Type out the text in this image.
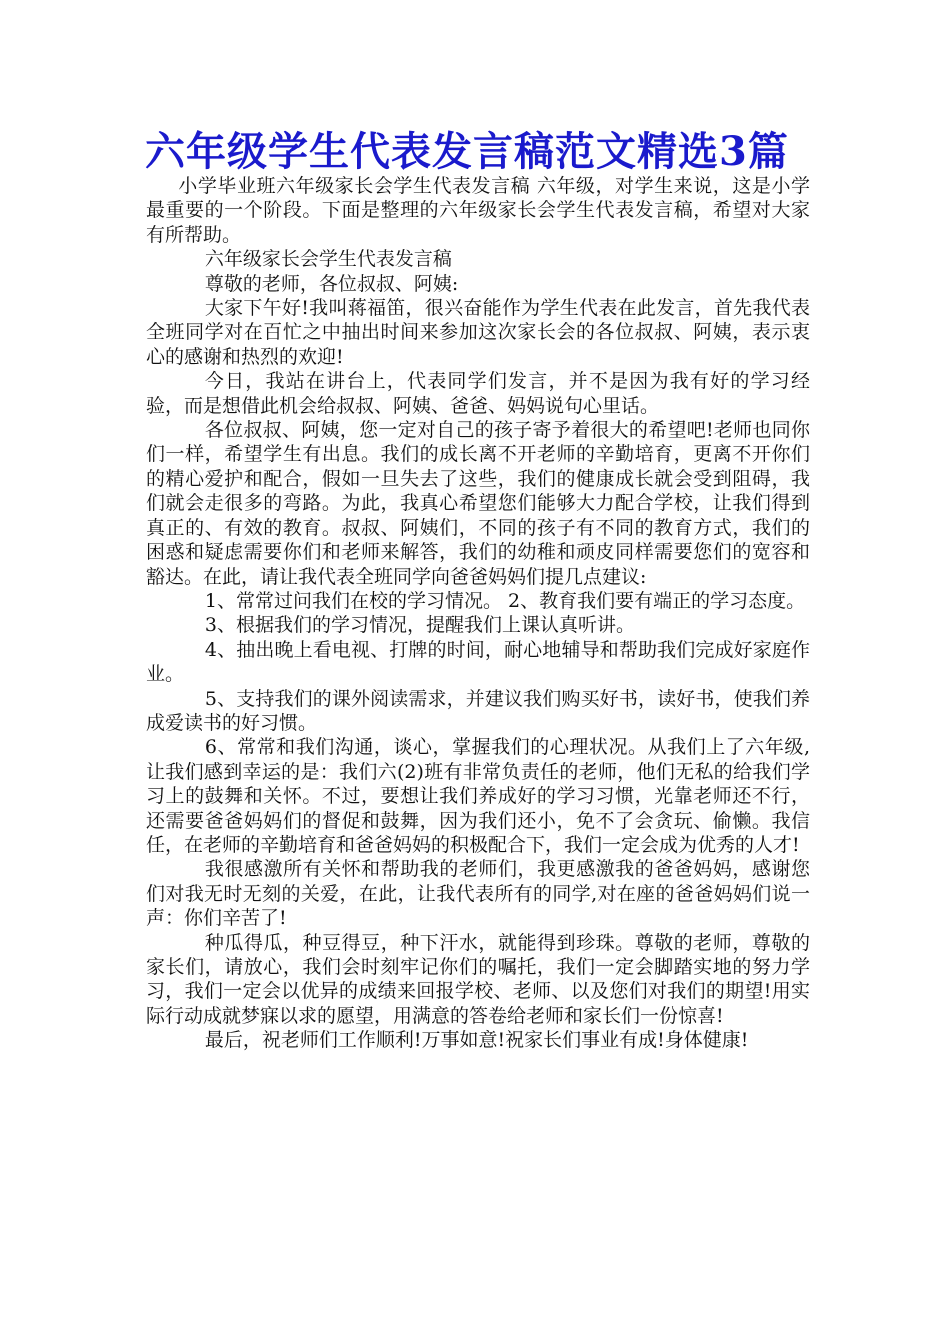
六年级学生代表发言稿范文精选3篇

小学毕业班六年级家长会学生代表发言稿 六年级，对学生来说，这是小学最重要的一个阶段。下面是整理的六年级家长会学生代表发言稿，希望对大家有所帮助。

六年级家长会学生代表发言稿

尊敬的老师，各位叔叔、阿姨:

大家下午好!我叫蒋福笛，很兴奋能作为学生代表在此发言，首先我代表全班同学对在百忙之中抽出时间来参加这次家长会的各位叔叔、阿姨，表示衷心的感谢和热烈的欢迎!

今日，我站在讲台上，代表同学们发言，并不是因为我有好的学习经验，而是想借此机会给叔叔、阿姨、爸爸、妈妈说句心里话。

各位叔叔、阿姨，您一定对自己的孩子寄予着很大的希望吧!老师也同你们一样，希望学生有出息。我们的成长离不开老师的辛勤培育，更离不开你们的精心爱护和配合，假如一旦失去了这些，我们的健康成长就会受到阻碍，我们就会走很多的弯路。为此，我真心希望您们能够大力配合学校，让我们得到真正的、有效的教育。叔叔、阿姨们，不同的孩子有不同的教育方式，我们的困惑和疑虑需要你们和老师来解答，我们的幼稚和顽皮同样需要您们的宽容和豁达。在此，请让我代表全班同学向爸爸妈妈们提几点建议:

1、常常过问我们在校的学习情况。 2、教育我们要有端正的学习态度。

3、根据我们的学习情况，提醒我们上课认真听讲。

4、抽出晚上看电视、打牌的时间，耐心地辅导和帮助我们完成好家庭作业。

5、支持我们的课外阅读需求，并建议我们购买好书，读好书，使我们养成爱读书的好习惯。

6、常常和我们沟通，谈心，掌握我们的心理状况。从我们上了六年级,让我们感到幸运的是：我们六(2)班有非常负责任的老师，他们无私的给我们学习上的鼓舞和关怀。不过，要想让我们养成好的学习习惯，光靠老师还不行，还需要爸爸妈妈们的督促和鼓舞，因为我们还小，免不了会贪玩、偷懒。我信任，在老师的辛勤培育和爸爸妈妈的积极配合下，我们一定会成为优秀的人才!

我很感激所有关怀和帮助我的老师们，我更感激我的爸爸妈妈，感谢您们对我无时无刻的关爱，在此，让我代表所有的同学,对在座的爸爸妈妈们说一声：你们辛苦了!

种瓜得瓜，种豆得豆，种下汗水，就能得到珍珠。尊敬的老师，尊敬的家长们，请放心，我们会时刻牢记你们的嘱托，我们一定会脚踏实地的努力学习，我们一定会以优异的成绩来回报学校、老师、以及您们对我们的期望!用实际行动成就梦寐以求的愿望，用满意的答卷给老师和家长们一份惊喜!

最后，祝老师们工作顺利!万事如意!祝家长们事业有成!身体健康!
